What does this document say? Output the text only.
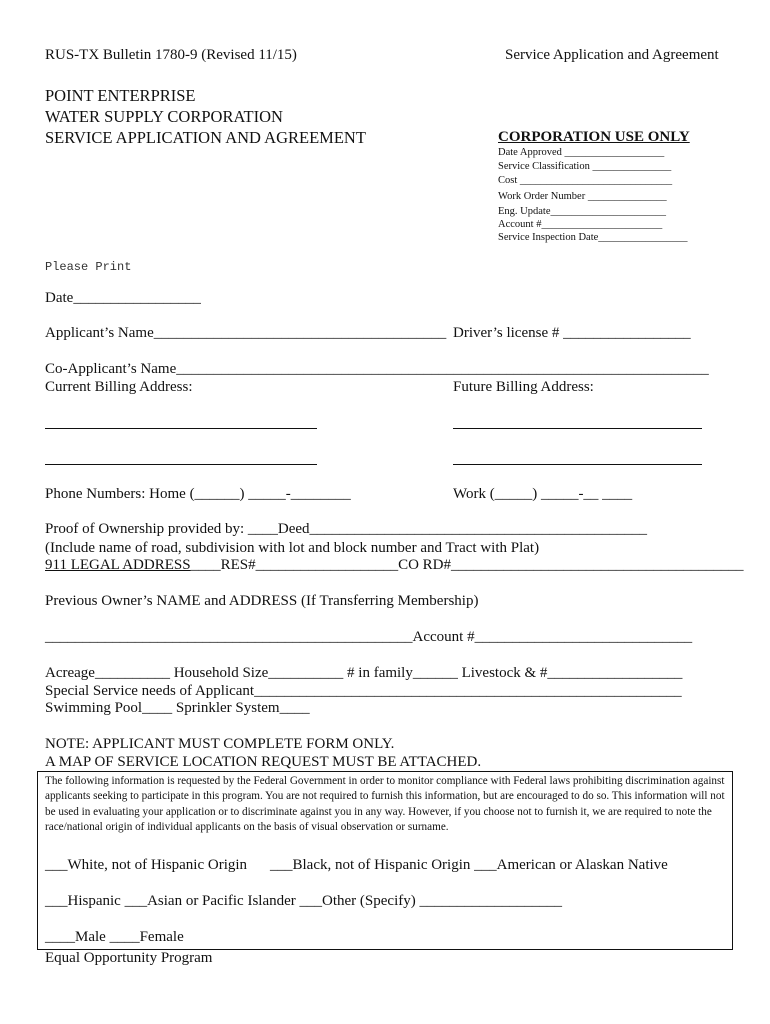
RUS-TX Bulletin 1780-9 (Revised 11/15)	Service Application and Agreement
POINT ENTERPRISE
WATER SUPPLY CORPORATION
SERVICE APPLICATION AND AGREEMENT	CORPORATION USE ONLY
Date Approved ___________________
Service Classification _______________
Cost _____________________________
Work Order Number _______________
Eng. Update______________________
Account #_______________________
Service Inspection Date_________________
Please Print
Date_________________
Applicant’s Name_______________________________________ Driver’s license # _________________
Co-Applicant’s Name_______________________________________________________________________
Current Billing Address:	Future Billing Address:
Phone Numbers: Home (______) _____-________	Work (_____) _____-__ ____
Proof of Ownership provided by: ____Deed_____________________________________________
(Include name of road, subdivision with lot and block number and Tract with Plat)
911 LEGAL ADDRESS____RES#___________________CO RD#_______________________________________
Previous Owner’s NAME and ADDRESS (If Transferring Membership)
_________________________________________________Account #_____________________________
Acreage__________ Household Size__________ # in family______ Livestock & #__________________
Special Service needs of Applicant_________________________________________________________
Swimming Pool____ Sprinkler System____
NOTE: APPLICANT MUST COMPLETE FORM ONLY.
A MAP OF SERVICE LOCATION REQUEST MUST BE ATTACHED.
The following information is requested by the Federal Government in order to monitor compliance with Federal laws prohibiting discrimination against applicants seeking to participate in this program. You are not required to furnish this information, but are encouraged to do so. This information will not be used in evaluating your application or to discriminate against you in any way. However, if you choose not to furnish it, we are required to note the race/national origin of individual applicants on the basis of visual observation or surname.
___White, not of Hispanic Origin ___Black, not of Hispanic Origin ___American or Alaskan Native
___Hispanic ___Asian or Pacific Islander ___Other (Specify) ___________________
____Male ____Female
Equal Opportunity Program
